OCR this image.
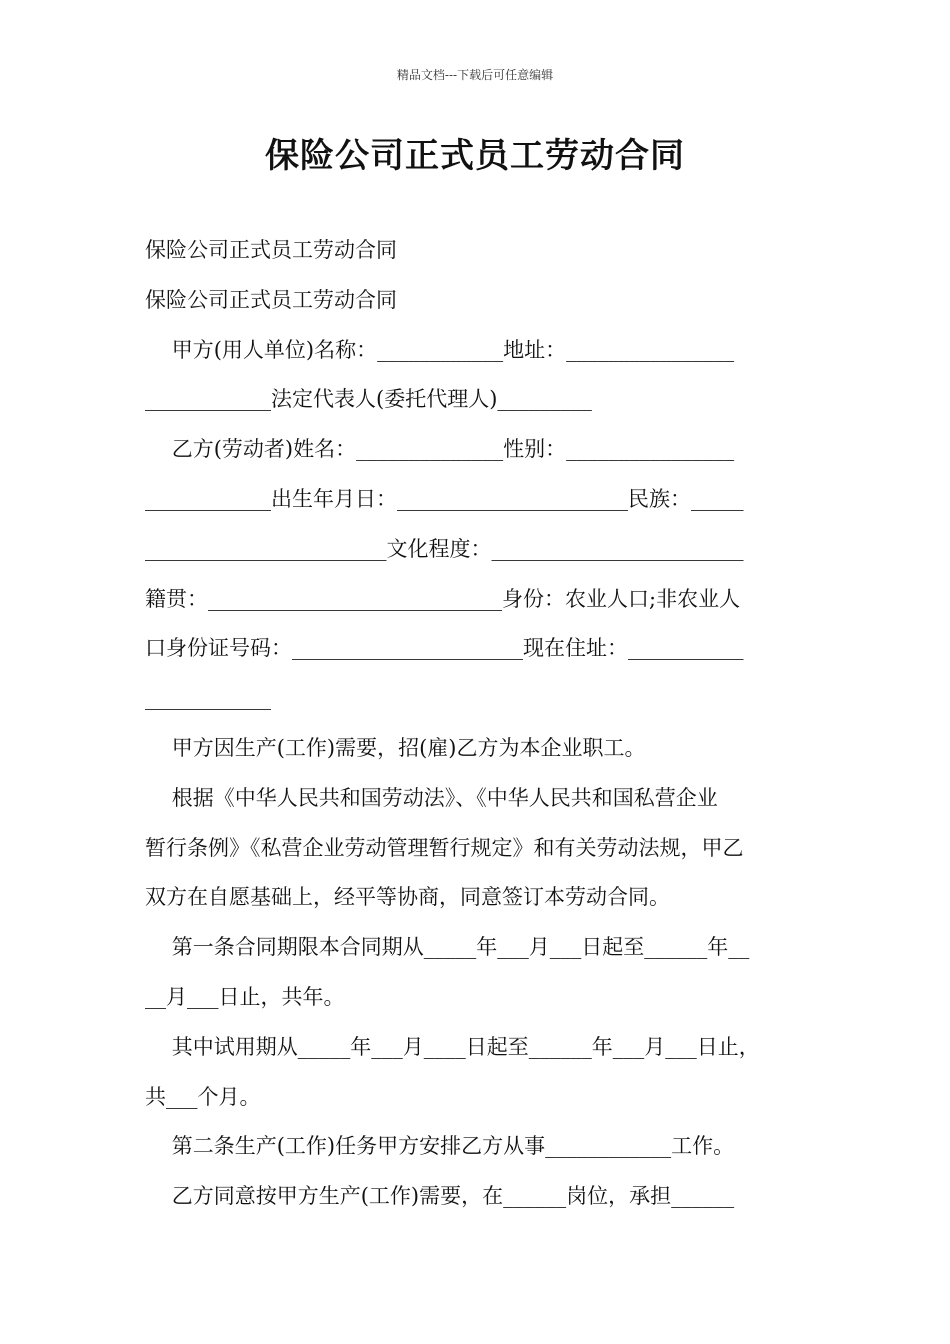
精品文档---下载后可任意编辑
保险公司正式员工劳动合同
保险公司正式员工劳动合同
保险公司正式员工劳动合同
甲方(用人单位)名称：____________地址：________________
____________法定代表人(委托代理人)_________
乙方(劳动者)姓名：______________性别：________________
____________出生年月日：______________________民族：_____
_______________________文化程度：________________________
籍贯：____________________________身份：农业人口;非农业人
口身份证号码：______________________现在住址：___________
____________
甲方因生产(工作)需要，招(雇)乙方为本企业职工。
根据《中华人民共和国劳动法》、《中华人民共和国私营企业
暂行条例》《私营企业劳动管理暂行规定》和有关劳动法规，甲乙
双方在自愿基础上，经平等协商，同意签订本劳动合同。
第一条合同期限本合同期从_____年___月___日起至______年__
__月___日止，共年。
其中试用期从_____年___月____日起至______年___月___日止，
共___个月。
第二条生产(工作)任务甲方安排乙方从事____________工作。
乙方同意按甲方生产(工作)需要，在______岗位，承担______
